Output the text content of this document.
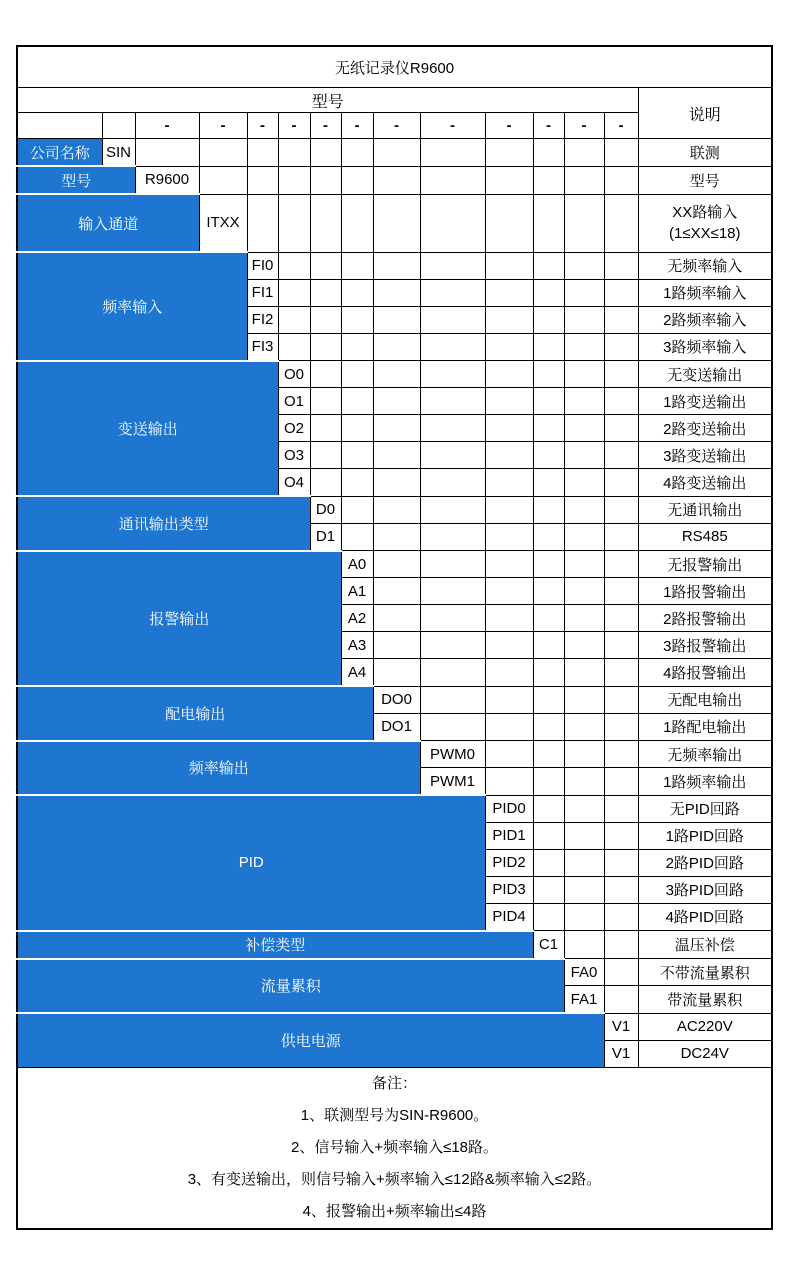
无纸记录仪R9600														
型号														说明
		-	-	-	-	-	-	-	-	-	-	-	-	
公司名称	SIN													联测
型号		R9600												型号
输入通道			ITXX											XX路输入
(1≤XX≤18)

频率输入				FI0										无频率输入
				FI1										1路频率输入
				FI2										2路频率输入
				FI3										3路频率输入
变送输出					O0									无变送输出
					O1									1路变送输出
					O2									2路变送输出
					O3									3路变送输出
					O4									4路变送输出
通讯输出类型						D0								无通讯输出
						D1								RS485
报警输出							A0							无报警输出
							A1							1路报警输出
							A2							2路报警输出
							A3							3路报警输出
							A4							4路报警输出
配电输出								DO0						无配电输出
								DO1						1路配电输出
频率输出									PWM0					无频率输出
									PWM1					1路频率输出
PID										PID0				无PID回路
										PID1				1路PID回路
										PID2				2路PID回路
										PID3				3路PID回路
										PID4				4路PID回路
补偿类型											C1			温压补偿
流量累积												FA0		不带流量累积
												FA1		带流量累积
供电电源													V1	AC220V
													V1	DC24V

备注：
1、联测型号为SIN-R9600。
2、信号输入+频率输入≤18路。
3、有变送输出，则信号输入+频率输入≤12路&频率输入≤2路。
4、报警输出+频率输出≤4路														
